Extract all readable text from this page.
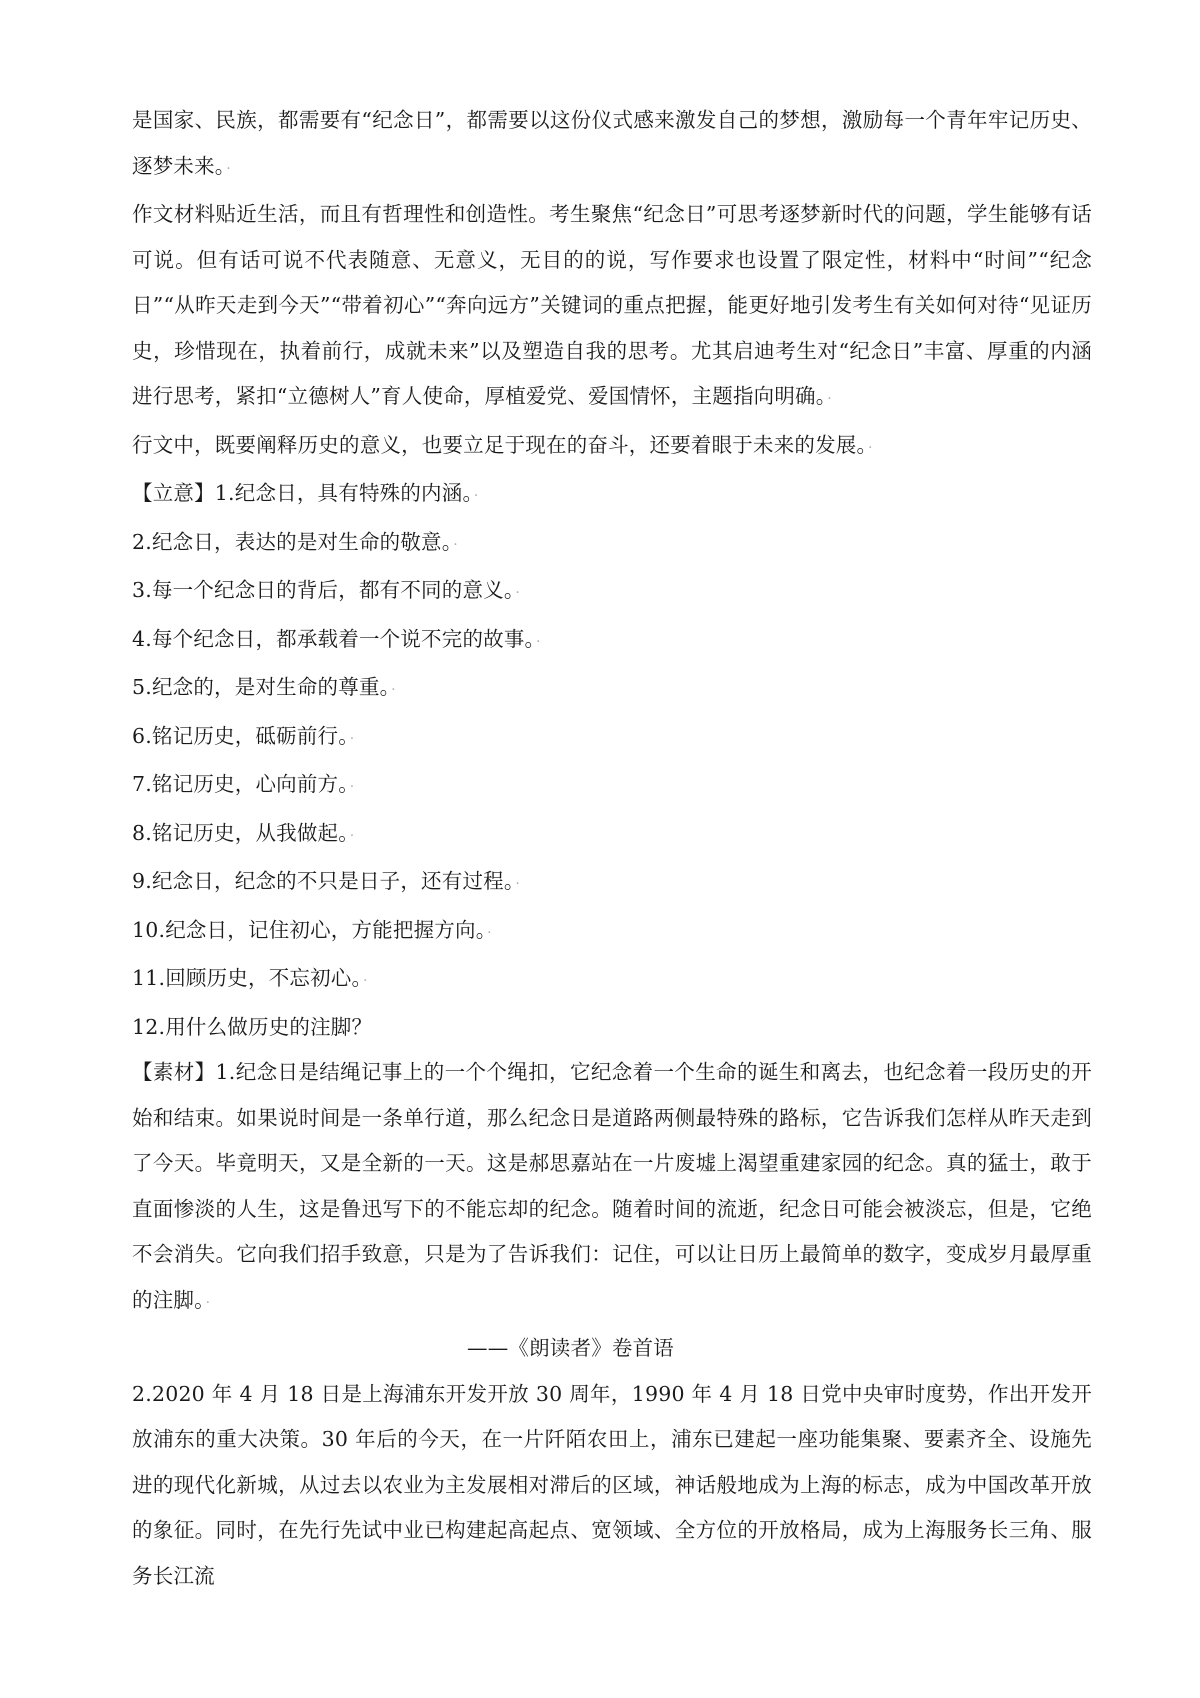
是国家、民族，都需要有“纪念日”，都需要以这份仪式感来激发自己的梦想，激励每一个青年牢记历史、逐梦未来。·

作文材料贴近生活，而且有哲理性和创造性。考生聚焦“纪念日”可思考逐梦新时代的问题，学生能够有话可说。但有话可说不代表随意、无意义，无目的的说，写作要求也设置了限定性，材料中“时间”“纪念日”“从昨天走到今天”“带着初心”“奔向远方”关键词的重点把握，能更好地引发考生有关如何对待“见证历史，珍惜现在，执着前行，成就未来”以及塑造自我的思考。尤其启迪考生对“纪念日”丰富、厚重的内涵进行思考，紧扣“立德树人”育人使命，厚植爱党、爱国情怀，主题指向明确。·

行文中，既要阐释历史的意义，也要立足于现在的奋斗，还要着眼于未来的发展。·

【立意】1.纪念日，具有特殊的内涵。·

2.纪念日，表达的是对生命的敬意。·

3.每一个纪念日的背后，都有不同的意义。·

4.每个纪念日，都承载着一个说不完的故事。·

5.纪念的，是对生命的尊重。·

6.铭记历史，砥砺前行。·

7.铭记历史，心向前方。·

8.铭记历史，从我做起。·

9.纪念日，纪念的不只是日子，还有过程。·

10.纪念日，记住初心，方能把握方向。·

11.回顾历史，不忘初心。·

12.用什么做历史的注脚？

【素材】1.纪念日是结绳记事上的一个个绳扣，它纪念着一个生命的诞生和离去，也纪念着一段历史的开始和结束。如果说时间是一条单行道，那么纪念日是道路两侧最特殊的路标，它告诉我们怎样从昨天走到了今天。毕竟明天，又是全新的一天。这是郝思嘉站在一片废墟上渴望重建家园的纪念。真的猛士，敢于直面惨淡的人生，这是鲁迅写下的不能忘却的纪念。随着时间的流逝，纪念日可能会被淡忘，但是，它绝不会消失。它向我们招手致意，只是为了告诉我们：记住，可以让日历上最简单的数字，变成岁月最厚重的注脚。·

——《朗读者》卷首语

2.2020 年 4 月 18 日是上海浦东开发开放 30 周年，1990 年 4 月 18 日党中央审时度势，作出开发开放浦东的重大决策。30 年后的今天，在一片阡陌农田上，浦东已建起一座功能集聚、要素齐全、设施先进的现代化新城，从过去以农业为主发展相对滞后的区域，神话般地成为上海的标志，成为中国改革开放的象征。同时，在先行先试中业已构建起高起点、宽领域、全方位的开放格局，成为上海服务长三角、服务长江流
